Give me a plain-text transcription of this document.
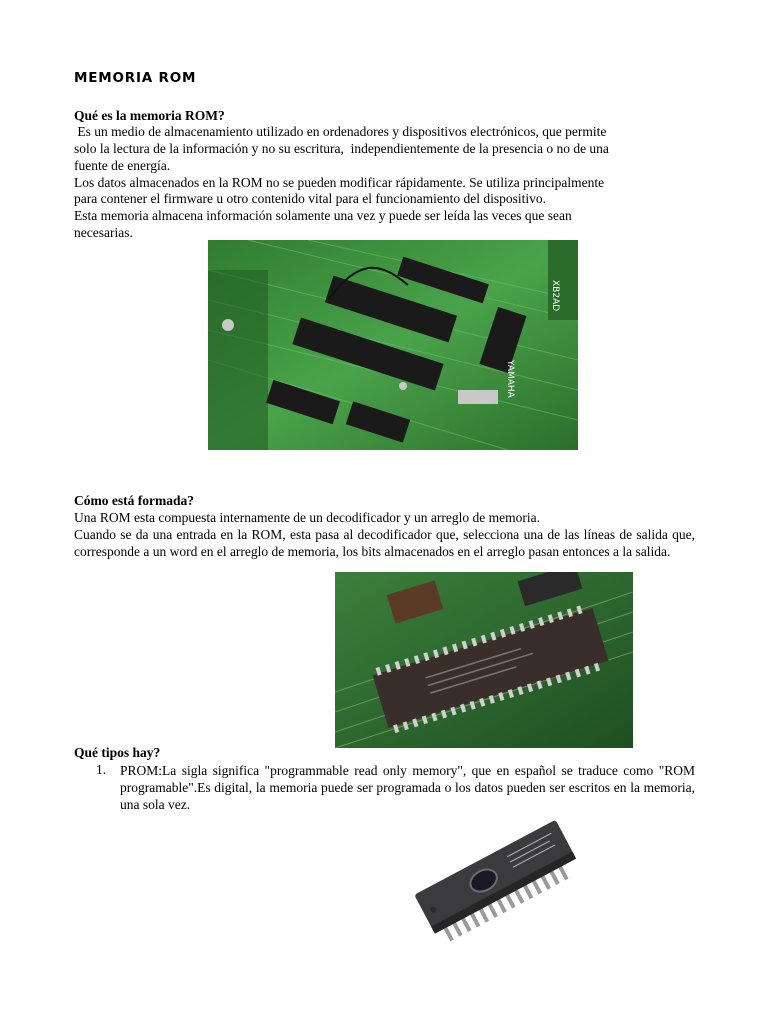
MEMORIA ROM
Qué es la memoria ROM?
Es un medio de almacenamiento utilizado en ordenadores y dispositivos electrónicos, que permite
solo la lectura de la información y no su escritura,  independientemente de la presencia o no de una
fuente de energía.
Los datos almacenados en la ROM no se pueden modificar rápidamente. Se utiliza principalmente
para contener el firmware u otro contenido vital para el funcionamiento del dispositivo.
Esta memoria almacena información solamente una vez y puede ser leída las veces que sean
necesarias.
YAMAHA
XB2AD
Cómo está formada?
Una ROM esta compuesta internamente de un decodificador y un arreglo de memoria.
Cuando se da una entrada en la ROM, esta pasa al decodificador que, selecciona una de las líneas de salida que, corresponde a un word en el arreglo de memoria, los bits almacenados en el arreglo pasan entonces a la salida.
Qué tipos hay?
1. PROM:La sigla significa "programmable read only memory", que en español se traduce como "ROM programable".Es digital, la memoria puede ser programada o los datos pueden ser escritos en la memoria, una sola vez.
